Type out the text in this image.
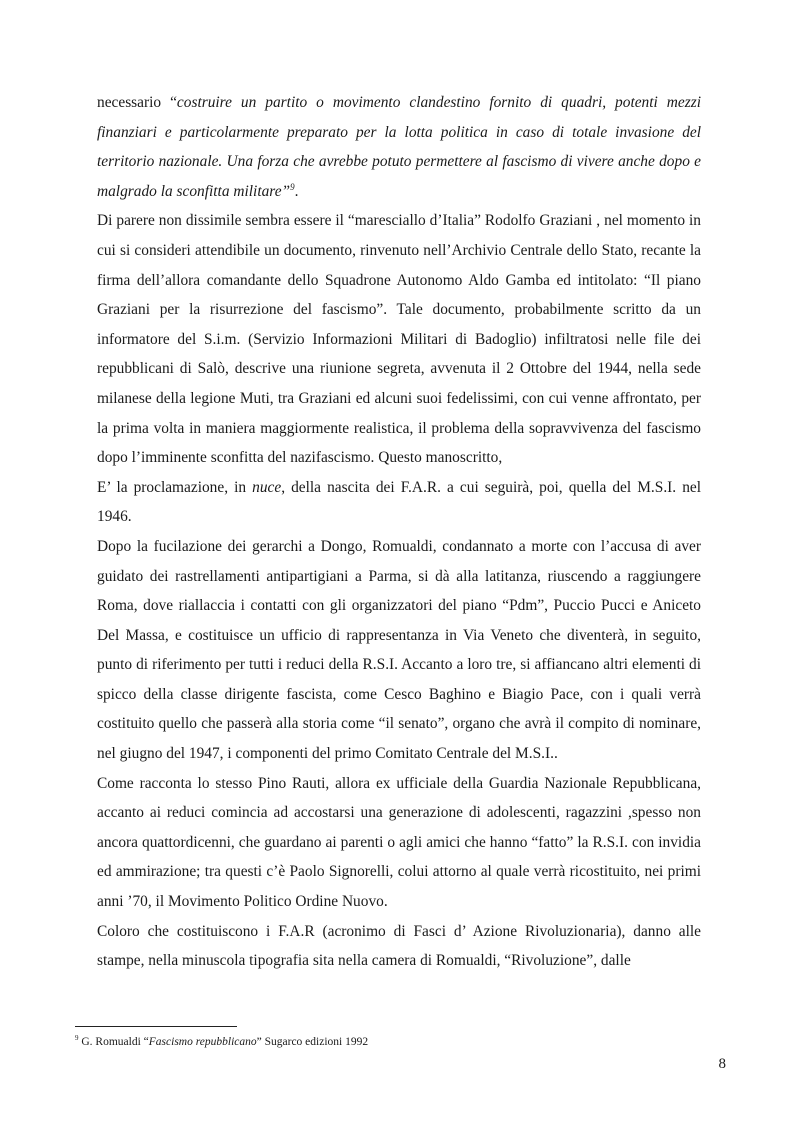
necessario “costruire un partito o movimento clandestino fornito di quadri, potenti mezzi finanziari e particolarmente preparato per la lotta politica in caso di totale invasione del territorio nazionale. Una forza che avrebbe potuto permettere al fascismo di vivere anche dopo e malgrado la sconfitta militare”$^9$.

Di parere non dissimile sembra essere il “maresciallo d’Italia” Rodolfo Graziani , nel momento in cui si consideri attendibile un documento, rinvenuto nell’Archivio Centrale dello Stato, recante la firma dell’allora comandante dello Squadrone Autonomo Aldo Gamba ed intitolato: “Il piano Graziani per la risurrezione del fascismo”. Tale documento, probabilmente scritto da un informatore del S.i.m. (Servizio Informazioni Militari di Badoglio) infiltratosi nelle file dei repubblicani di Salò, descrive una riunione segreta, avvenuta il 2 Ottobre del 1944, nella sede milanese della legione Muti, tra Graziani ed alcuni suoi fedelissimi, con cui venne affrontato, per la prima volta in maniera maggiormente realistica, il problema della sopravvivenza del fascismo dopo l’imminente sconfitta del nazifascismo. Questo manoscritto,

E’ la proclamazione, in nuce, della nascita dei F.A.R. a cui seguirà, poi, quella del M.S.I. nel 1946.

Dopo la fucilazione dei gerarchi a Dongo, Romualdi, condannato a morte con l’accusa di aver guidato dei rastrellamenti antipartigiani a Parma, si dà alla latitanza, riuscendo a raggiungere Roma, dove riallaccia i contatti con gli organizzatori del piano “Pdm”, Puccio Pucci e Aniceto Del Massa, e costituisce un ufficio di rappresentanza in Via Veneto che diventerà, in seguito, punto di riferimento per tutti i reduci della R.S.I. Accanto a loro tre, si affiancano altri elementi di spicco della classe dirigente fascista, come Cesco Baghino e Biagio Pace, con i quali verrà costituito quello che passerà alla storia come “il senato”, organo che avrà il compito di nominare, nel giugno del 1947, i componenti del primo Comitato Centrale del M.S.I..

Come racconta lo stesso Pino Rauti, allora ex ufficiale della Guardia Nazionale Repubblicana, accanto ai reduci comincia ad accostarsi una generazione di adolescenti, ragazzini ,spesso non ancora quattordicenni, che guardano ai parenti o agli amici che hanno “fatto” la R.S.I. con invidia ed ammirazione; tra questi c’è Paolo Signorelli, colui attorno al quale verrà ricostituito, nei primi anni ’70, il Movimento Politico Ordine Nuovo.

Coloro che costituiscono i F.A.R (acronimo di Fasci d’ Azione Rivoluzionaria), danno alle stampe, nella minuscola tipografia sita nella camera di Romualdi, “Rivoluzione”, dalle

$^9$ G. Romualdi “Fascismo repubblicano” Sugarco edizioni 1992
8
